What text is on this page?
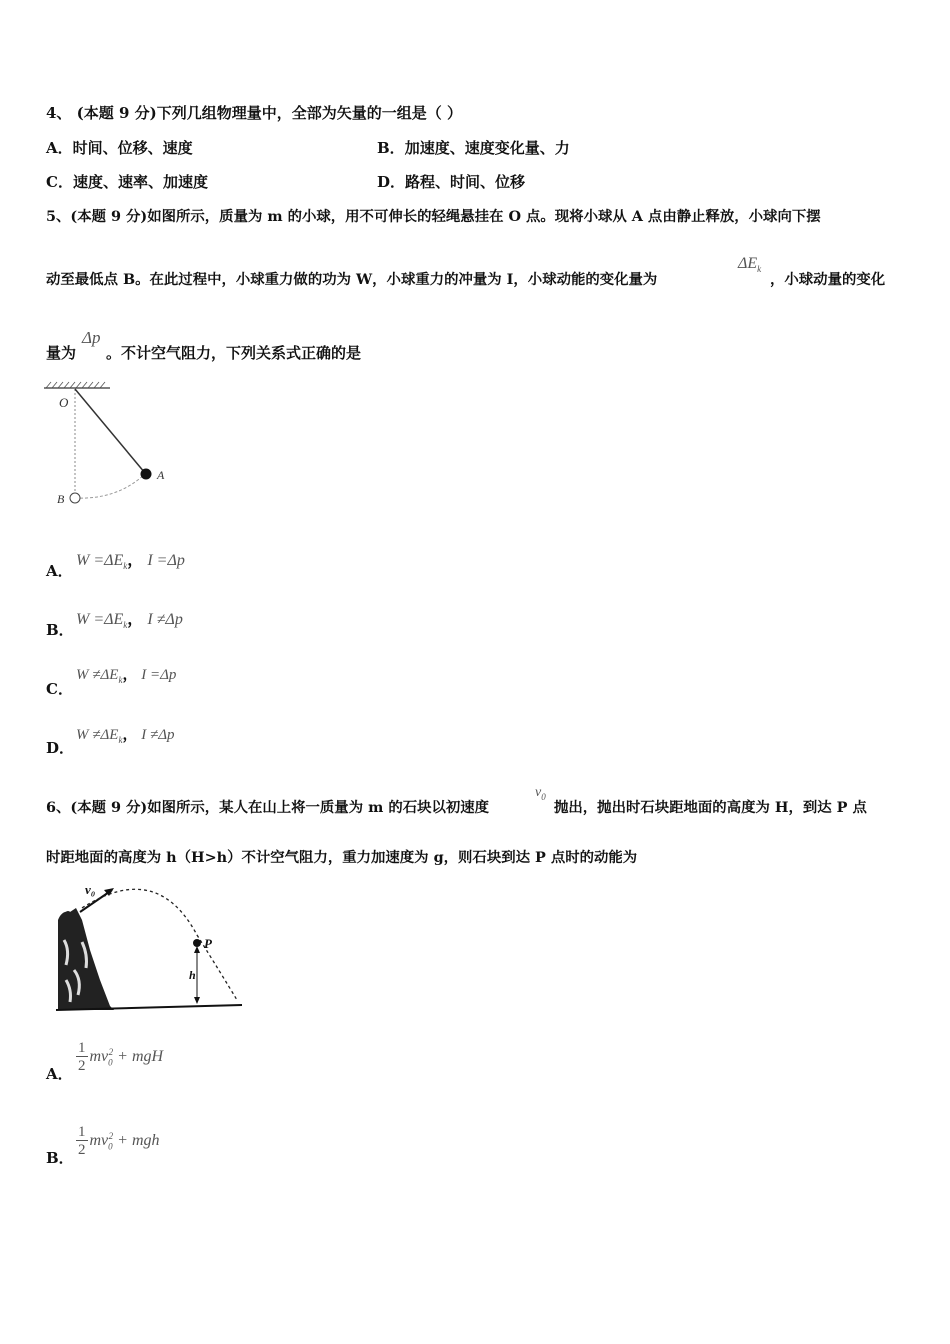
4、 (本题 9 分)下列几组物理量中，全部为矢量的一组是（ ）
A．时间、位移、速度	B．加速度、速度变化量、力
C．速度、速率、加速度	D．路程、时间、位移
5、(本题 9 分)如图所示，质量为 m 的小球，用不可伸长的轻绳悬挂在 O 点。现将小球从 A 点由静止释放，小球向下摆
动至最低点 B。在此过程中，小球重力做的功为 W，小球重力的冲量为 I，小球动能的变化量为
$\Delta E_k$
，小球动量的变化
量为
Δp
。不计空气阻力，下列关系式正确的是
O
A
B
A．
$W =\Delta E_k$， I =Δp
B．
$W =\Delta E_k$， I ≠Δp
C．
$W \ne\Delta E_k$， I =Δp
D．
$W \ne\Delta E_k$， I ≠Δp
6、(本题 9 分)如图所示，某人在山上将一质量为 m 的石块以初速度
$v_0$
抛出，抛出时石块距地面的高度为 H，到达 P 点
时距地面的高度为 h（H>h）不计空气阻力，重力加速度为 g，则石块到达 P 点时的动能为
v₀
P
h
A． $\frac{1}{2} mv_0^2$ + mgH
B． $\frac{1}{2} mv_0^2$ + mgh
